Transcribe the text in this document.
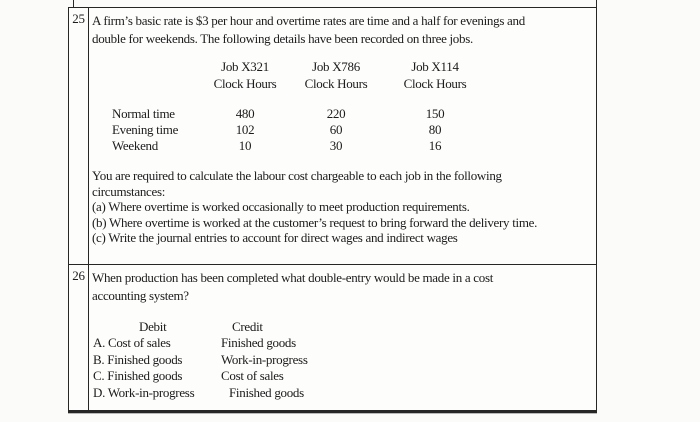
25 A firm’s basic rate is $3 per hour and overtime rates are time and a half for evenings and

double for weekends. The following details have been recorded on three jobs.

Job X321	Job X786	Job X114
Clock Hours	Clock Hours	Clock Hours
Normal time	480	220	150
Evening time	102	60	80
Weekend	10	30	16

You are required to calculate the labour cost chargeable to each job in the following

circumstances:

(a) Where overtime is worked occasionally to meet production requirements.

(b) Where overtime is worked at the customer’s request to bring forward the delivery time.

(c) Write the journal entries to account for direct wages and indirect wages

26 When production has been completed what double-entry would be made in a cost

accounting system?

Debit	Credit
A. Cost of sales	Finished goods
B. Finished goods	Work-in-progress
C. Finished goods	Cost of sales
D. Work-in-progress	Finished goods
